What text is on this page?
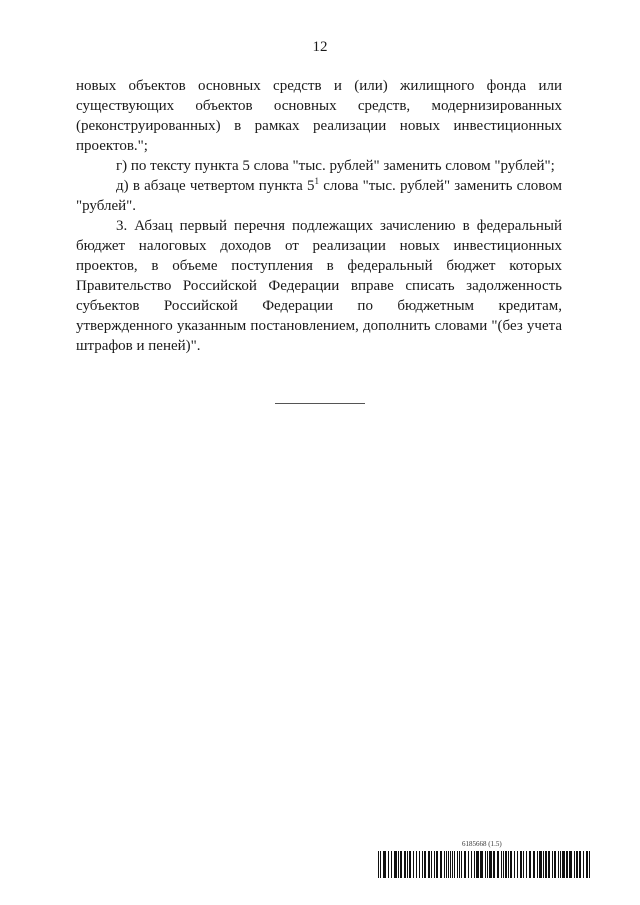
12
новых объектов основных средств и (или) жилищного фонда или
существующих объектов основных средств, модернизированных
(реконструированных) в рамках реализации новых инвестиционных
проектов.";
г) по тексту пункта 5 слова "тыс. рублей" заменить словом "рублей";
д) в абзаце четвертом пункта $5^1$ слова "тыс. рублей" заменить словом
"рублей".
3. Абзац первый перечня подлежащих зачислению в федеральный
бюджет налоговых доходов от реализации новых инвестиционных
проектов, в объеме поступления в федеральный бюджет которых
Правительство Российской Федерации вправе списать задолженность
субъектов Российской Федерации по бюджетным кредитам,
утвержденного указанным постановлением, дополнить словами "(без учета
штрафов и пеней)".
6185668 (1.5)
